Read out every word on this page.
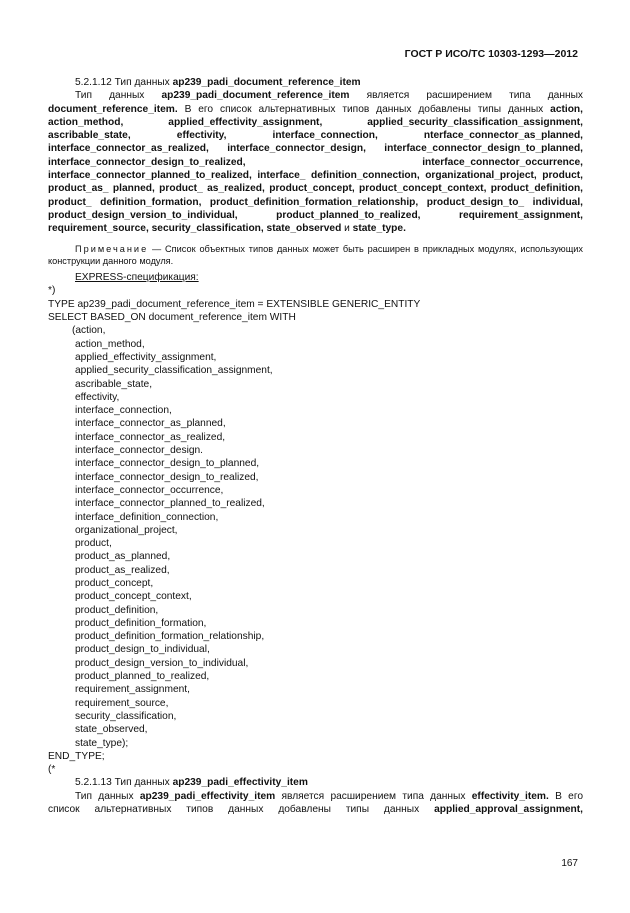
ГОСТ Р ИСО/ТС 10303-1293—2012

5.2.1.12 Тип данных ap239_padi_document_reference_item

Тип данных ap239_padi_document_reference_item является расширением типа данных document_reference_item. В его список альтернативных типов данных добавлены типы данных action, action_method, applied_effectivity_assignment, applied_security_classification_assignment, ascribable_state, effectivity, interface_connection, nterface_connector_as_planned, interface_connector_as_realized, interface_connector_design, interface_connector_design_to_planned, interface_connector_design_to_realized, interface_connector_occurrence, interface_connector_planned_to_realized, interface_ definition_connection, organizational_project, product, product_as_ planned, product_ as_realized, product_concept, product_concept_context, product_definition, product_ definition_formation, product_definition_formation_relationship, product_design_to_ individual, product_design_version_to_individual, product_planned_to_realized, requirement_assignment, requirement_source, security_classification, state_observed и state_type.

Примечание — Список объектных типов данных может быть расширен в прикладных модулях, использующих конструкции данного модуля.

EXPRESS-спецификация:
*)
TYPE ap239_padi_document_reference_item = EXTENSIBLE GENERIC_ENTITY
SELECT BASED_ON document_reference_item WITH
(action,
action_method,
applied_effectivity_assignment,
applied_security_classification_assignment,
ascribable_state,
effectivity,
interface_connection,
interface_connector_as_planned,
interface_connector_as_realized,
interface_connector_design.
interface_connector_design_to_planned,
interface_connector_design_to_realized,
interface_connector_occurrence,
interface_connector_planned_to_realized,
interface_definition_connection,
organizational_project,
product,
product_as_planned,
product_as_realized,
product_concept,
product_concept_context,
product_definition,
product_definition_formation,
product_definition_formation_relationship,
product_design_to_individual,
product_design_version_to_individual,
product_planned_to_realized,
requirement_assignment,
requirement_source,
security_classification,
state_observed,
state_type);
END_TYPE;
(*

5.2.1.13 Тип данных ap239_padi_effectivity_item

Тип данных ap239_padi_effectivity_item является расширением типа данных effectivity_item. В его список альтернативных типов данных добавлены типы данных applied_approval_assignment,

167
